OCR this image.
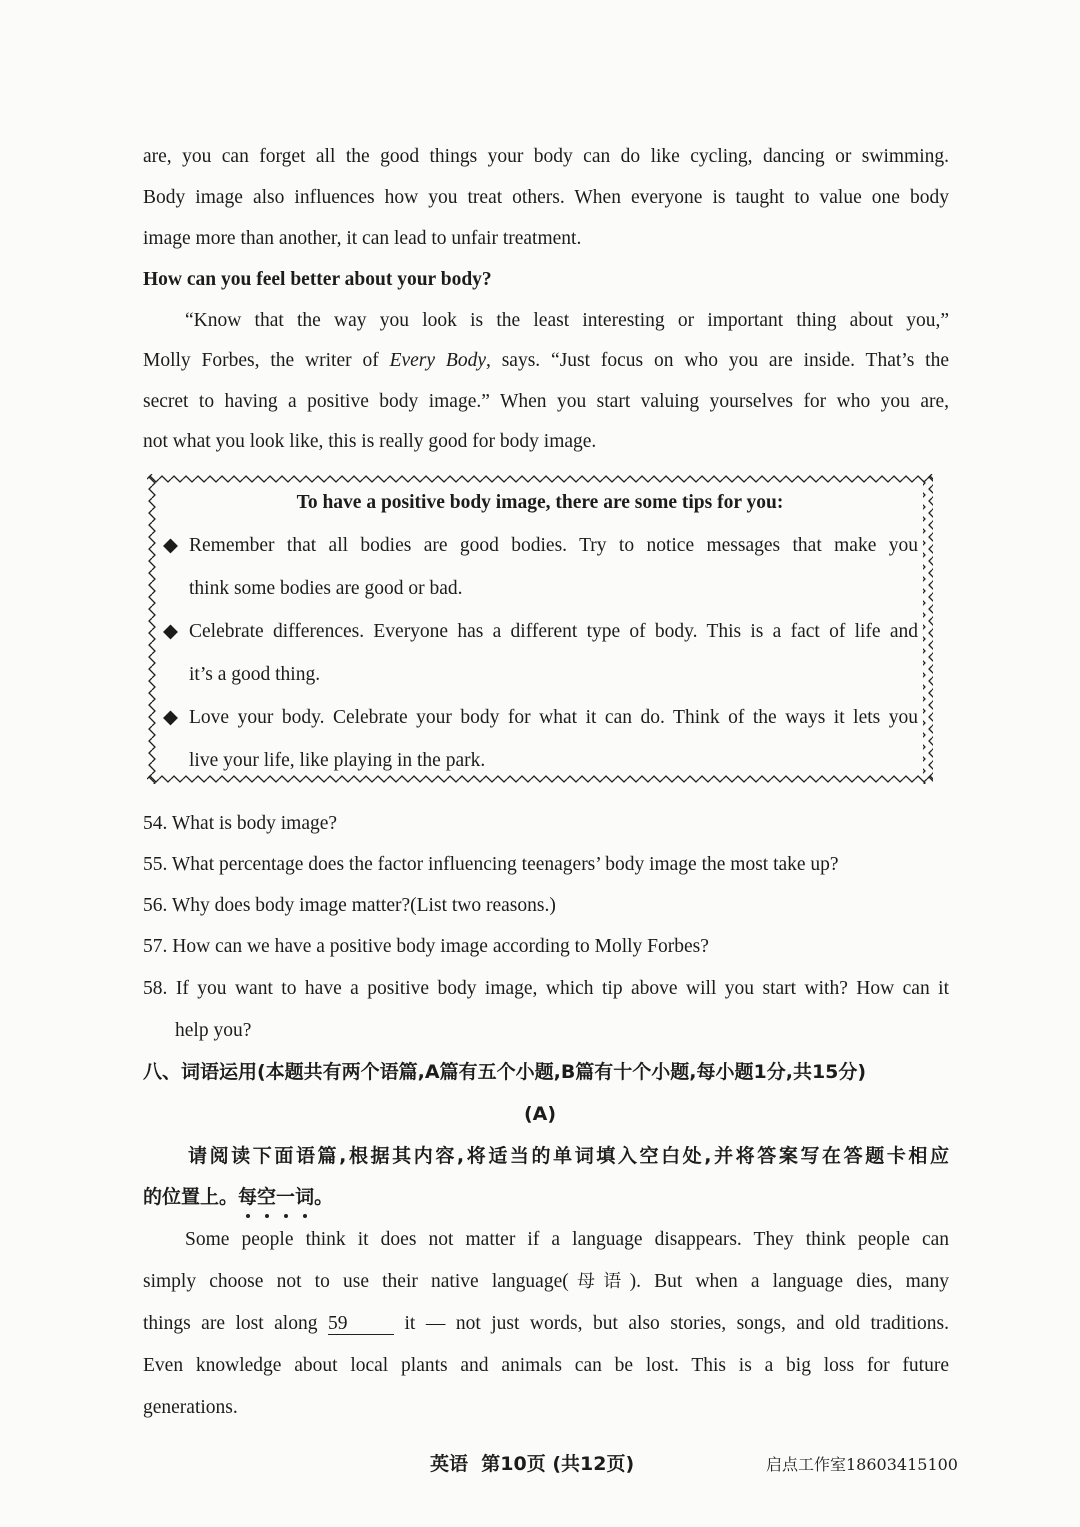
are, you can forget all the good things your body can do like cycling, dancing or swimming.
Body image also influences how you treat others. When everyone is taught to value one body
image more than another, it can lead to unfair treatment.
How can you feel better about your body?
“Know that the way you look is the least interesting or important thing about you,”
Molly Forbes, the writer of Every Body, says. “Just focus on who you are inside. That’s the
secret to having a positive body image.” When you start valuing yourselves for who you are,
not what you look like, this is really good for body image.
To have a positive body image, there are some tips for you:
◆ Remember that all bodies are good bodies. Try to notice messages that make you
think some bodies are good or bad.
◆ Celebrate differences. Everyone has a different type of body. This is a fact of life and
it’s a good thing.
◆ Love your body. Celebrate your body for what it can do. Think of the ways it lets you
live your life, like playing in the park.
54. What is body image?
55. What percentage does the factor influencing teenagers’ body image the most take up?
56. Why does body image matter?(List two reasons.)
57. How can we have a positive body image according to Molly Forbes?
58. If you want to have a positive body image, which tip above will you start with? How can it
help you?
八、词语运用(本题共有两个语篇,A篇有五个小题,B篇有十个小题,每小题1分,共15分)
(A)
请阅读下面语篇,根据其内容,将适当的单词填入空白处,并将答案写在答题卡相应
的位置上。每空一词。
Some people think it does not matter if a language disappears. They think people can
simply choose not to use their native language(母语). But when a language dies, many
things are lost along 59 it — not just words, but also stories, songs, and old traditions.
Even knowledge about local plants and animals can be lost. This is a big loss for future
generations.
英语 第10页 (共12页)	启点工作室18603415100
